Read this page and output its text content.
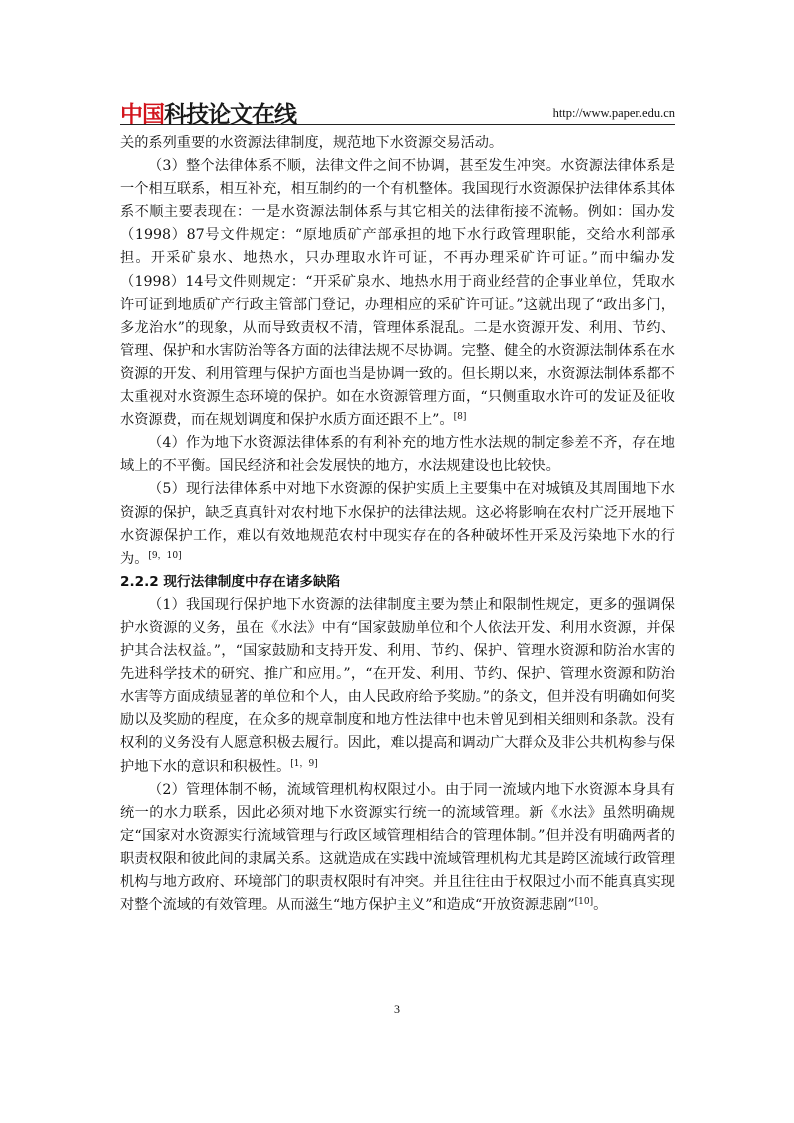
中国科技论文在线	http://www.paper.edu.cn

关的系列重要的水资源法律制度，规范地下水资源交易活动。

（3）整个法律体系不顺，法律文件之间不协调，甚至发生冲突。水资源法律体系是一个相互联系，相互补充，相互制约的一个有机整体。我国现行水资源保护法律体系其体系不顺主要表现在：一是水资源法制体系与其它相关的法律衔接不流畅。例如：国办发（1998）87号文件规定：“原地质矿产部承担的地下水行政管理职能，交给水利部承担。开采矿泉水、地热水，只办理取水许可证，不再办理采矿许可证。”而中编办发（1998）14号文件则规定：“开采矿泉水、地热水用于商业经营的企事业单位，凭取水许可证到地质矿产行政主管部门登记，办理相应的采矿许可证。”这就出现了“政出多门，多龙治水”的现象，从而导致责权不清，管理体系混乱。二是水资源开发、利用、节约、管理、保护和水害防治等各方面的法律法规不尽协调。完整、健全的水资源法制体系在水资源的开发、利用管理与保护方面也当是协调一致的。但长期以来，水资源法制体系都不太重视对水资源生态环境的保护。如在水资源管理方面，“只侧重取水许可的发证及征收水资源费，而在规划调度和保护水质方面还跟不上”。[8]

（4）作为地下水资源法律体系的有利补充的地方性水法规的制定参差不齐，存在地域上的不平衡。国民经济和社会发展快的地方，水法规建设也比较快。

（5）现行法律体系中对地下水资源的保护实质上主要集中在对城镇及其周围地下水资源的保护，缺乏真真针对农村地下水保护的法律法规。这必将影响在农村广泛开展地下水资源保护工作，难以有效地规范农村中现实存在的各种破坏性开采及污染地下水的行为。[9，10]

2.2.2 现行法律制度中存在诸多缺陷

（1）我国现行保护地下水资源的法律制度主要为禁止和限制性规定，更多的强调保护水资源的义务，虽在《水法》中有“国家鼓励单位和个人依法开发、利用水资源，并保护其合法权益。”，“国家鼓励和支持开发、利用、节约、保护、管理水资源和防治水害的先进科学技术的研究、推广和应用。”，“在开发、利用、节约、保护、管理水资源和防治水害等方面成绩显著的单位和个人，由人民政府给予奖励。”的条文，但并没有明确如何奖励以及奖励的程度，在众多的规章制度和地方性法律中也未曾见到相关细则和条款。没有权利的义务没有人愿意积极去履行。因此，难以提高和调动广大群众及非公共机构参与保护地下水的意识和积极性。[1，9]

（2）管理体制不畅，流域管理机构权限过小。由于同一流域内地下水资源本身具有统一的水力联系，因此必须对地下水资源实行统一的流域管理。新《水法》虽然明确规定“国家对水资源实行流域管理与行政区域管理相结合的管理体制。”但并没有明确两者的职责权限和彼此间的隶属关系。这就造成在实践中流域管理机构尤其是跨区流域行政管理机构与地方政府、环境部门的职责权限时有冲突。并且往往由于权限过小而不能真真实现对整个流域的有效管理。从而滋生“地方保护主义”和造成“开放资源悲剧”[10]。

3
